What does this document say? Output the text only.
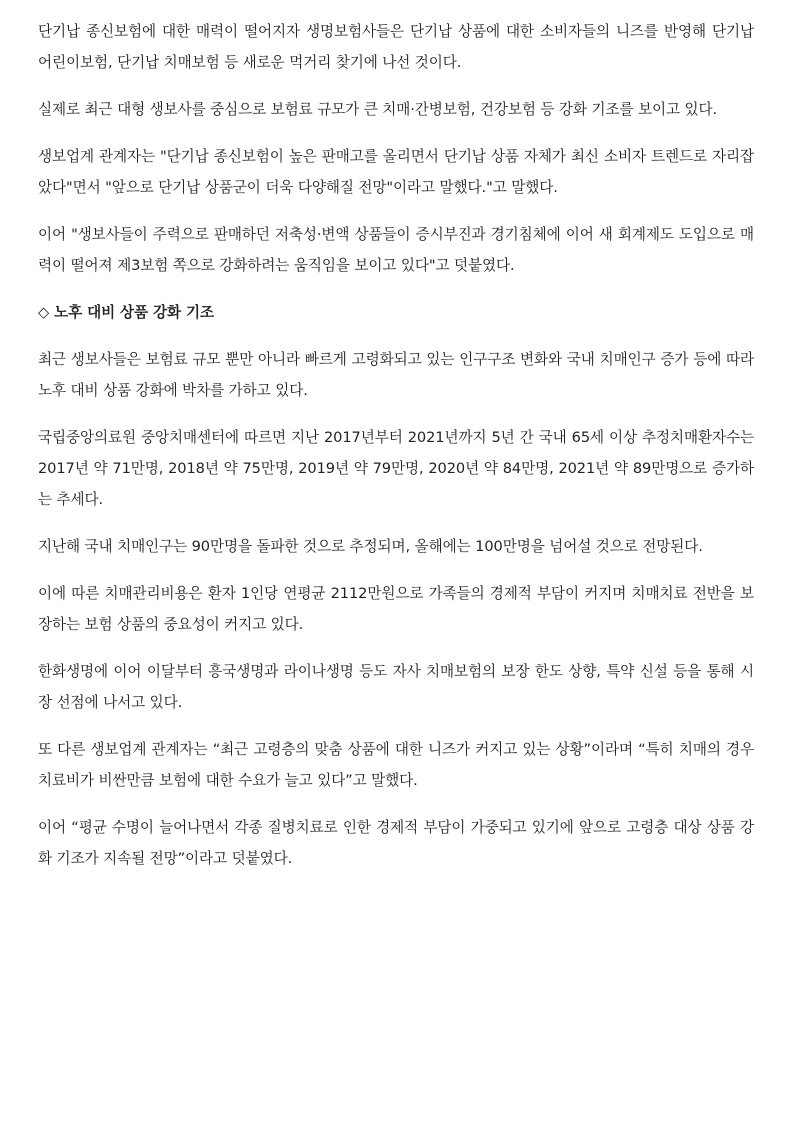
단기납 종신보험에 대한 매력이 떨어지자 생명보험사들은 단기납 상품에 대한 소비자들의 니즈를 반영해 단기납 어린이보험, 단기납 치매보험 등 새로운 먹거리 찾기에 나선 것이다.

실제로 최근 대형 생보사를 중심으로 보험료 규모가 큰 치매·간병보험, 건강보험 등 강화 기조를 보이고 있다.

생보업계 관계자는 "단기납 종신보험이 높은 판매고를 올리면서 단기납 상품 자체가 최신 소비자 트렌드로 자리잡았다"면서 "앞으로 단기납 상품군이 더욱 다양해질 전망"이라고 말했다."고 말했다.

이어 "생보사들이 주력으로 판매하던 저축성·변액 상품들이 증시부진과 경기침체에 이어 새 회계제도 도입으로 매력이 떨어져 제3보험 쪽으로 강화하려는 움직임을 보이고 있다"고 덧붙였다.

◇ 노후 대비 상품 강화 기조

최근 생보사들은 보험료 규모 뿐만 아니라 빠르게 고령화되고 있는 인구구조 변화와 국내 치매인구 증가 등에 따라 노후 대비 상품 강화에 박차를 가하고 있다.

국립중앙의료원 중앙치매센터에 따르면 지난 2017년부터 2021년까지 5년 간 국내 65세 이상 추정치매환자수는 2017년 약 71만명, 2018년 약 75만명, 2019년 약 79만명, 2020년 약 84만명, 2021년 약 89만명으로 증가하는 추세다.

지난해 국내 치매인구는 90만명을 돌파한 것으로 추정되며, 올해에는 100만명을 넘어설 것으로 전망된다.

이에 따른 치매관리비용은 환자 1인당 연평균 2112만원으로 가족들의 경제적 부담이 커지며 치매치료 전반을 보장하는 보험 상품의 중요성이 커지고 있다.

한화생명에 이어 이달부터 흥국생명과 라이나생명 등도 자사 치매보험의 보장 한도 상향, 특약 신설 등을 통해 시장 선점에 나서고 있다.

또 다른 생보업계 관계자는 “최근 고령층의 맞춤 상품에 대한 니즈가 커지고 있는 상황”이라며 “특히 치매의 경우 치료비가 비싼만큼 보험에 대한 수요가 늘고 있다”고 말했다.

이어 “평균 수명이 늘어나면서 각종 질병치료로 인한 경제적 부담이 가중되고 있기에 앞으로 고령층 대상 상품 강화 기조가 지속될 전망”이라고 덧붙였다.
